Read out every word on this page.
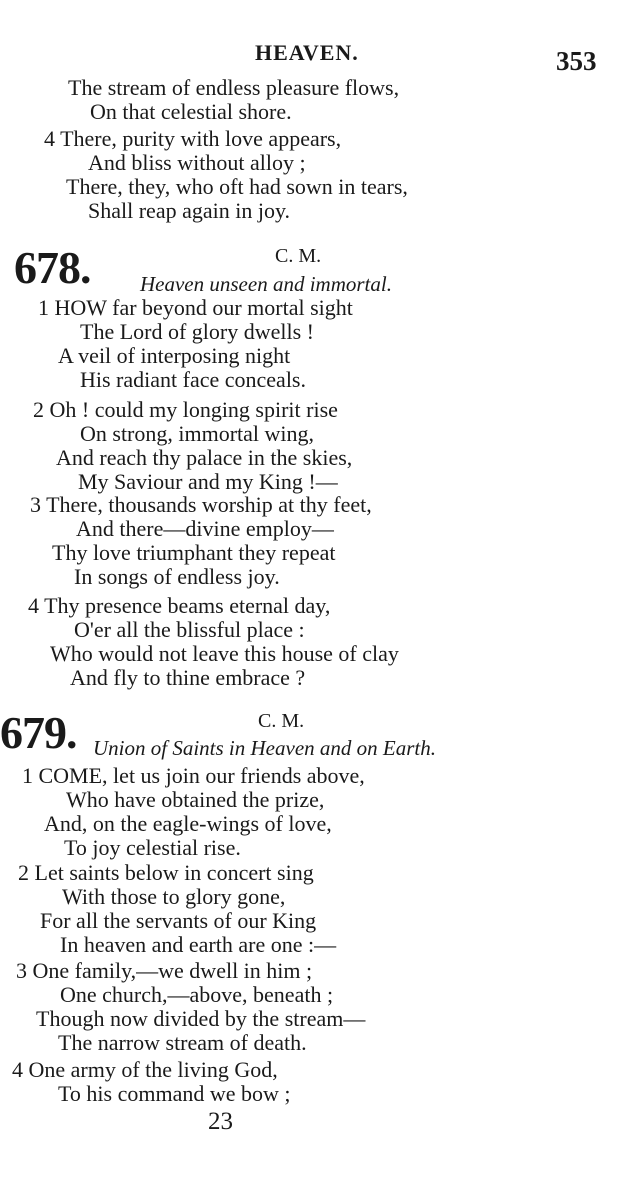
HEAVEN.	353
The stream of endless pleasure flows,
On that celestial shore.
4 There, purity with love appears,
And bliss without alloy ;
There, they, who oft had sown in tears,
Shall reap again in joy.
678.	C. M.
Heaven unseen and immortal.
1 HOW far beyond our mortal sight
The Lord of glory dwells !
A veil of interposing night
His radiant face conceals.
2 Oh ! could my longing spirit rise
On strong, immortal wing,
And reach thy palace in the skies,
My Saviour and my King !—
3 There, thousands worship at thy feet,
And there—divine employ—
Thy love triumphant they repeat
In songs of endless joy.
4 Thy presence beams eternal day,
O'er all the blissful place :
Who would not leave this house of clay
And fly to thine embrace ?
679.	C. M.
Union of Saints in Heaven and on Earth.
1 COME, let us join our friends above,
Who have obtained the prize,
And, on the eagle-wings of love,
To joy celestial rise.
2 Let saints below in concert sing
With those to glory gone,
For all the servants of our King
In heaven and earth are one :—
3 One family,—we dwell in him ;
One church,—above, beneath ;
Though now divided by the stream—
The narrow stream of death.
4 One army of the living God,
To his command we bow ;
23
